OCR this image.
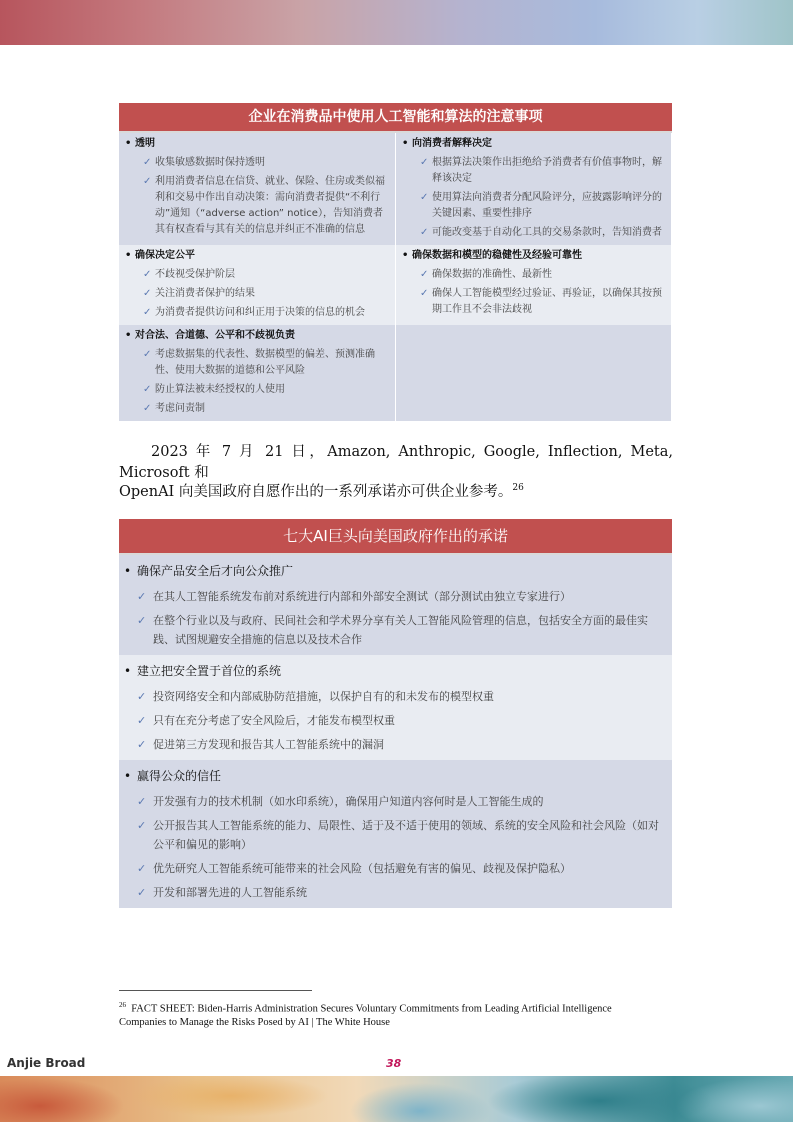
企业在消费品中使用人工智能和算法的注意事项
• 透明
✓ 收集敏感数据时保持透明
✓ 利用消费者信息在信贷、就业、保险、住房或类似福利和交易中作出自动决策：需向消费者提供“不利行动”通知（“adverse action” notice），告知消费者其有权查看与其有关的信息并纠正不准确的信息
• 向消费者解释决定
✓ 根据算法决策作出拒绝给予消费者有价值事物时，解释该决定
✓ 使用算法向消费者分配风险评分，应披露影响评分的关键因素、重要性排序
✓ 可能改变基于自动化工具的交易条款时，告知消费者
• 确保决定公平
✓ 不歧视受保护阶层
✓ 关注消费者保护的结果
✓ 为消费者提供访问和纠正用于决策的信息的机会
• 确保数据和模型的稳健性及经验可靠性
✓ 确保数据的准确性、最新性
✓ 确保人工智能模型经过验证、再验证，以确保其按预期工作且不会非法歧视
• 对合法、合道德、公平和不歧视负责
✓ 考虑数据集的代表性、数据模型的偏差、预测准确性、使用大数据的道德和公平风险
✓ 防止算法被未经授权的人使用
✓ 考虑问责制
2023 年 7 月 21 日，Amazon, Anthropic, Google, Inflection, Meta, Microsoft 和
OpenAI 向美国政府自愿作出的一系列承诺亦可供企业参考。$^{26}$
七大AI巨头向美国政府作出的承诺
• 确保产品安全后才向公众推广
✓ 在其人工智能系统发布前对系统进行内部和外部安全测试（部分测试由独立专家进行）
✓ 在整个行业以及与政府、民间社会和学术界分享有关人工智能风险管理的信息，包括安全方面的最佳实践、试图规避安全措施的信息以及技术合作
• 建立把安全置于首位的系统
✓ 投资网络安全和内部威胁防范措施，以保护自有的和未发布的模型权重
✓ 只有在充分考虑了安全风险后，才能发布模型权重
✓ 促进第三方发现和报告其人工智能系统中的漏洞
• 赢得公众的信任
✓ 开发强有力的技术机制（如水印系统），确保用户知道内容何时是人工智能生成的
✓ 公开报告其人工智能系统的能力、局限性、适于及不适于使用的领域、系统的安全风险和社会风险（如对公平和偏见的影响）
✓ 优先研究人工智能系统可能带来的社会风险（包括避免有害的偏见、歧视及保护隐私）
✓ 开发和部署先进的人工智能系统
$^{26}$ FACT SHEET: Biden-Harris Administration Secures Voluntary Commitments from Leading Artificial Intelligence Companies to Manage the Risks Posed by AI | The White House
Anjie Broad	38
